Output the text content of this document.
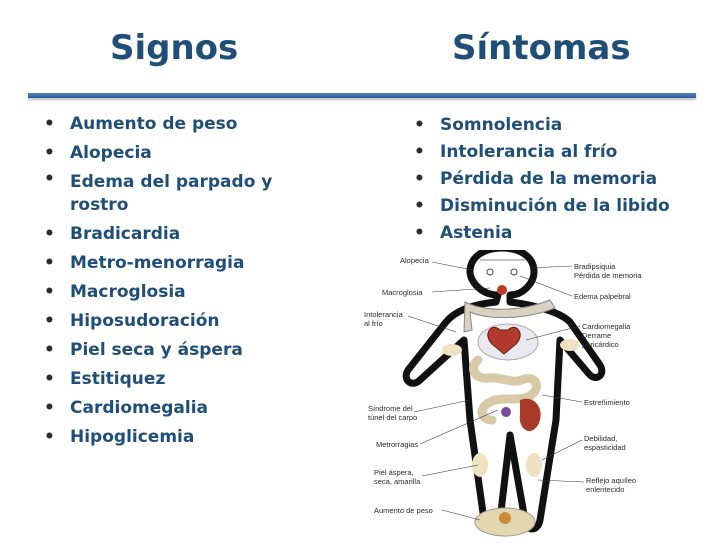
Signos	Síntomas
• Aumento de peso
• Alopecia
• Edema del parpado y rostro
• Bradicardia
• Metro-menorragia
• Macroglosia
• Hiposudoración
• Piel seca y áspera
• Estitiquez
• Cardiomegalia
• Hipoglicemia
• Somnolencia
• Intolerancia al frío
• Pérdida de la memoria
• Disminución de la libido
• Astenia
Alopecia
Macroglosia
Intolerancia
al frío
Síndrome del
túnel del carpo
Metrorragias
Piel áspera,
seca, amarilla
Aumento de peso
Bradipsiquia
Pérdida de memoria
Edema palpebral
Cardiomegalia
Derrame
pericárdico
Estreñimiento
Debilidad,
espasticidad
Reflejo aquíleo
enlentecido
